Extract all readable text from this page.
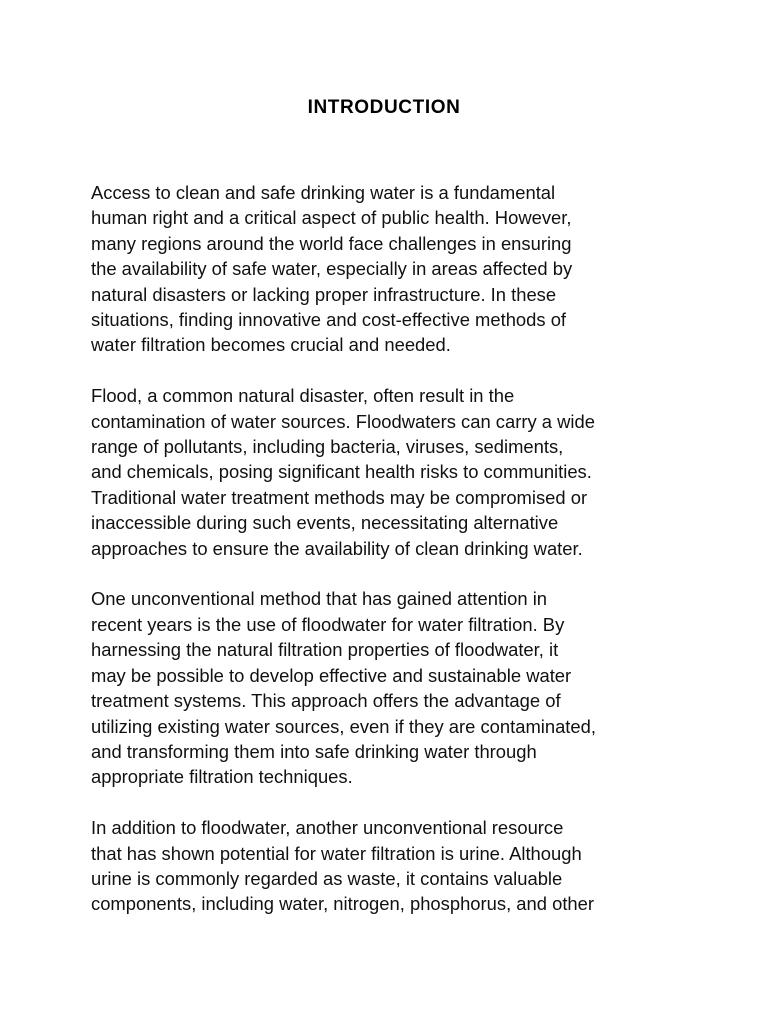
INTRODUCTION

Access to clean and safe drinking water is a fundamental
human right and a critical aspect of public health. However,
many regions around the world face challenges in ensuring
the availability of safe water, especially in areas affected by
natural disasters or lacking proper infrastructure. In these
situations, finding innovative and cost-effective methods of
water filtration becomes crucial and needed.

Flood, a common natural disaster, often result in the
contamination of water sources. Floodwaters can carry a wide
range of pollutants, including bacteria, viruses, sediments,
and chemicals, posing significant health risks to communities.
Traditional water treatment methods may be compromised or
inaccessible during such events, necessitating alternative
approaches to ensure the availability of clean drinking water.

One unconventional method that has gained attention in
recent years is the use of floodwater for water filtration. By
harnessing the natural filtration properties of floodwater, it
may be possible to develop effective and sustainable water
treatment systems. This approach offers the advantage of
utilizing existing water sources, even if they are contaminated,
and transforming them into safe drinking water through
appropriate filtration techniques.

In addition to floodwater, another unconventional resource
that has shown potential for water filtration is urine. Although
urine is commonly regarded as waste, it contains valuable
components, including water, nitrogen, phosphorus, and other
